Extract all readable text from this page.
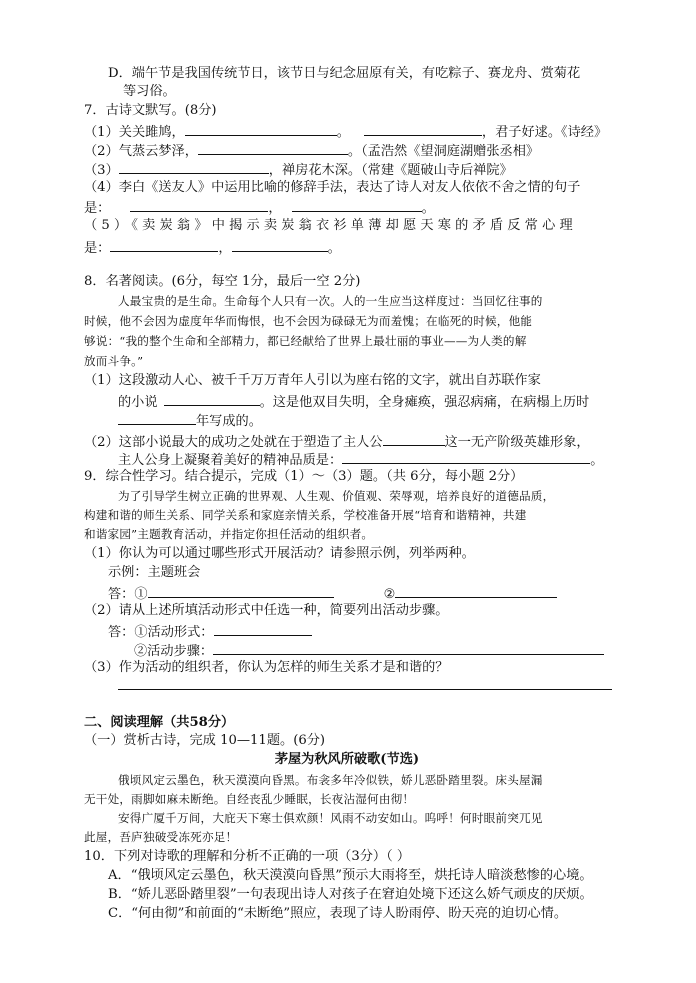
D．端午节是我国传统节日，该节日与纪念屈原有关，有吃粽子、赛龙舟、赏菊花
等习俗。
7．古诗文默写。(8分)
（1）关关雎鸠，	。	，君子好逑。《诗经》
（2）气蒸云梦泽，	。（孟浩然《望洞庭湖赠张丞相》
（3）	，禅房花木深。（常建《题破山寺后禅院》
（4）李白《送友人》中运用比喻的修辞手法，表达了诗人对友人依依不舍之情的句子
是：	，	。
（5）《卖炭翁》中揭示卖炭翁衣衫单薄却愿天寒的矛盾反常心理
是：	，	。
8．名著阅读。(6分，每空 1分，最后一空 2分)
人最宝贵的是生命。生命每个人只有一次。人的一生应当这样度过：当回忆往事的
时候，他不会因为虚度年华而悔恨，也不会因为碌碌无为而羞愧；在临死的时候，他能
够说：“我的整个生命和全部精力，都已经献给了世界上最壮丽的事业——为人类的解
放而斗争。”
（1）这段激动人心、被千千万万青年人引以为座右铭的文字，就出自苏联作家
的小说	。这是他双目失明，全身瘫痪，强忍病痛，在病榻上历时
年写成的。
（2）这部小说最大的成功之处就在于塑造了主人公	这一无产阶级英雄形象，
主人公身上凝聚着美好的精神品质是：	。
9．综合性学习。结合提示，完成（1）～（3）题。（共 6分，每小题 2分）
为了引导学生树立正确的世界观、人生观、价值观、荣辱观，培养良好的道德品质，
构建和谐的师生关系、同学关系和家庭亲情关系，学校准备开展“培育和谐精神，共建
和谐家园”主题教育活动，并指定你担任活动的组织者。
（1）你认为可以通过哪些形式开展活动？请参照示例，列举两种。
示例：主题班会
答：①	②
（2）请从上述所填活动形式中任选一种，简要列出活动步骤。
答：①活动形式：
②活动步骤：
（3）作为活动的组织者，你认为怎样的师生关系才是和谐的？
二、阅读理解（共58分）
（一）赏析古诗，完成 10—11题。(6分)
茅屋为秋风所破歌(节选)
俄顷风定云墨色，秋天漠漠向昏黑。布衾多年冷似铁，娇儿恶卧踏里裂。床头屋漏
无干处，雨脚如麻未断绝。自经丧乱少睡眠，长夜沾湿何由彻！
安得广厦千万间，大庇天下寒士俱欢颜！风雨不动安如山。呜呼！何时眼前突兀见
此屋，吾庐独破受冻死亦足！
10．下列对诗歌的理解和分析不正确的一项（3分）（ ）
A．“俄顷风定云墨色，秋天漠漠向昏黑”预示大雨将至，烘托诗人暗淡愁惨的心境。
B．“娇儿恶卧踏里裂”一句表现出诗人对孩子在窘迫处境下还这么娇气顽皮的厌烦。
C．“何由彻”和前面的“未断绝”照应，表现了诗人盼雨停、盼天亮的迫切心情。
